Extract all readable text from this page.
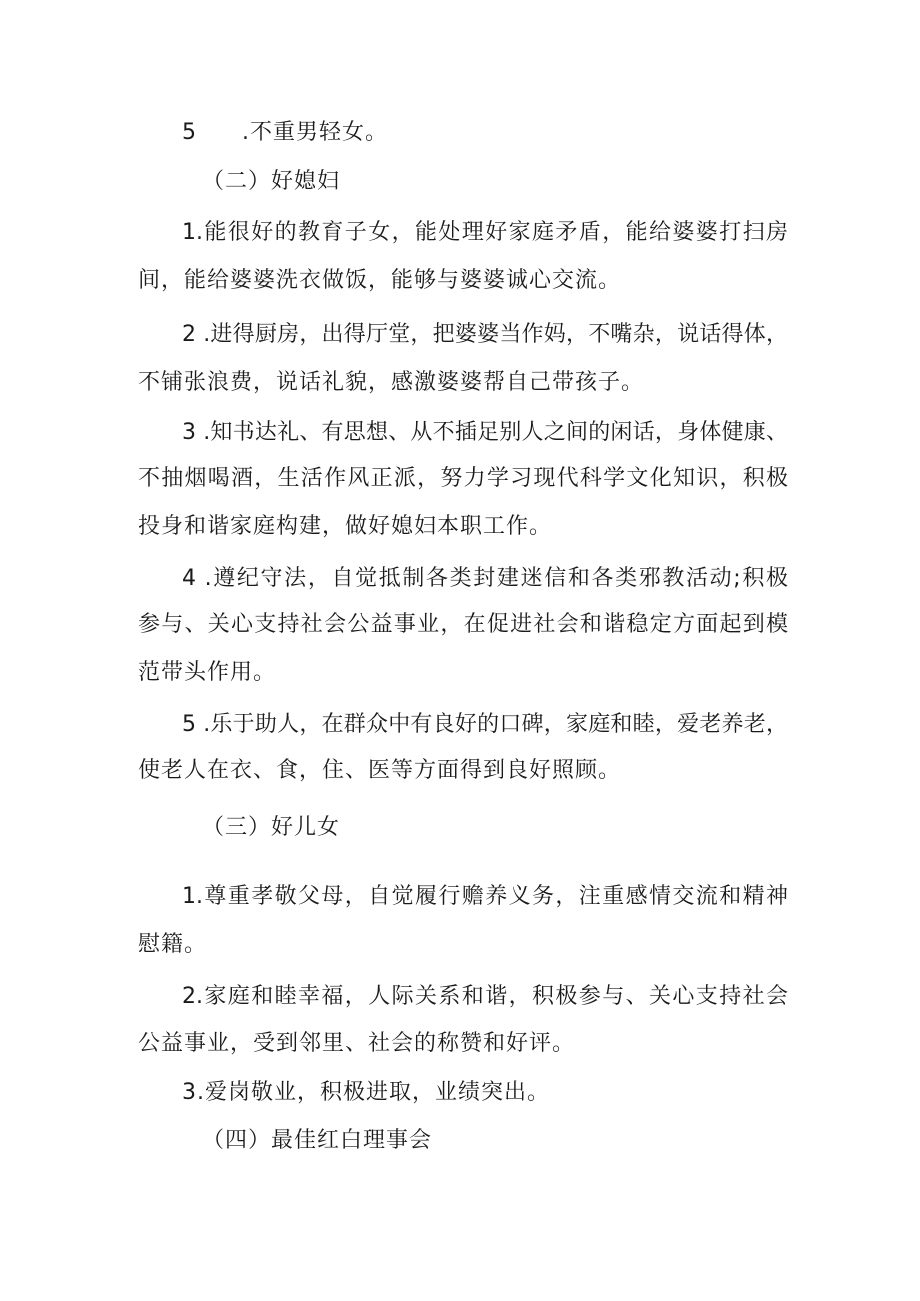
5 .不重男轻女。
（二）好媳妇
1.能很好的教育子女，能处理好家庭矛盾，能给婆婆打扫房
间，能给婆婆洗衣做饭，能够与婆婆诚心交流。
2 .进得厨房，出得厅堂，把婆婆当作妈，不嘴杂，说话得体，
不铺张浪费，说话礼貌，感激婆婆帮自己带孩子。
3 .知书达礼、有思想、从不插足别人之间的闲话，身体健康、
不抽烟喝酒，生活作风正派，努力学习现代科学文化知识，积极
投身和谐家庭构建，做好媳妇本职工作。
4 .遵纪守法，自觉抵制各类封建迷信和各类邪教活动;积极
参与、关心支持社会公益事业，在促进社会和谐稳定方面起到模
范带头作用。
5 .乐于助人，在群众中有良好的口碑，家庭和睦，爱老养老，
使老人在衣、食，住、医等方面得到良好照顾。
（三）好儿女
1.尊重孝敬父母，自觉履行赡养义务，注重感情交流和精神
慰籍。
2.家庭和睦幸福，人际关系和谐，积极参与、关心支持社会
公益事业，受到邻里、社会的称赞和好评。
3.爱岗敬业，积极进取，业绩突出。
（四）最佳红白理事会
